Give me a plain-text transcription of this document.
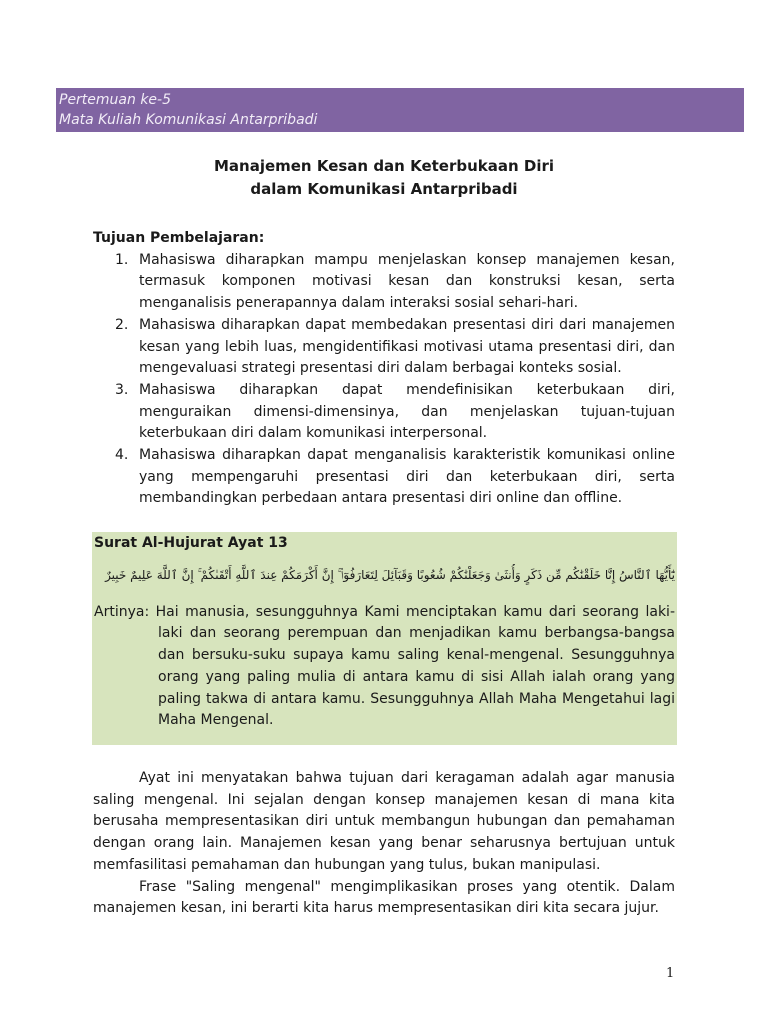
Pertemuan ke-5
Mata Kuliah Komunikasi Antarpribadi
Manajemen Kesan dan Keterbukaan Diri
dalam Komunikasi Antarpribadi
Tujuan Pembelajaran:
1. Mahasiswa diharapkan mampu menjelaskan konsep manajemen kesan, termasuk komponen motivasi kesan dan konstruksi kesan, serta menganalisis penerapannya dalam interaksi sosial sehari-hari.
2. Mahasiswa diharapkan dapat membedakan presentasi diri dari manajemen kesan yang lebih luas, mengidentifikasi motivasi utama presentasi diri, dan mengevaluasi strategi presentasi diri dalam berbagai konteks sosial.
3. Mahasiswa diharapkan dapat mendefinisikan keterbukaan diri, menguraikan dimensi-dimensinya, dan menjelaskan tujuan-tujuan keterbukaan diri dalam komunikasi interpersonal.
4. Mahasiswa diharapkan dapat menganalisis karakteristik komunikasi online yang mempengaruhi presentasi diri dan keterbukaan diri, serta membandingkan perbedaan antara presentasi diri online dan offline.
Surat Al-Hujurat Ayat 13
يَٰٓأَيُّهَا ٱلنَّاسُ إِنَّا خَلَقْنَٰكُم مِّن ذَكَرٍ وَأُنثَىٰ وَجَعَلْنَٰكُمْ شُعُوبًا وَقَبَآئِلَ لِتَعَارَفُوٓا۟ ۚ إِنَّ أَكْرَمَكُمْ عِندَ ٱللَّهِ أَتْقَىٰكُمْ ۚ إِنَّ ٱللَّهَ عَلِيمٌ خَبِيرٌ
Artinya: Hai manusia, sesungguhnya Kami menciptakan kamu dari seorang laki-laki dan seorang perempuan dan menjadikan kamu berbangsa-bangsa dan bersuku-suku supaya kamu saling kenal-mengenal. Sesungguhnya orang yang paling mulia di antara kamu di sisi Allah ialah orang yang paling takwa di antara kamu. Sesungguhnya Allah Maha Mengetahui lagi Maha Mengenal.

Ayat ini menyatakan bahwa tujuan dari keragaman adalah agar manusia saling mengenal. Ini sejalan dengan konsep manajemen kesan di mana kita berusaha mempresentasikan diri untuk membangun hubungan dan pemahaman dengan orang lain. Manajemen kesan yang benar seharusnya bertujuan untuk memfasilitasi pemahaman dan hubungan yang tulus, bukan manipulasi.

Frase "Saling mengenal" mengimplikasikan proses yang otentik. Dalam manajemen kesan, ini berarti kita harus mempresentasikan diri kita secara jujur.

1
